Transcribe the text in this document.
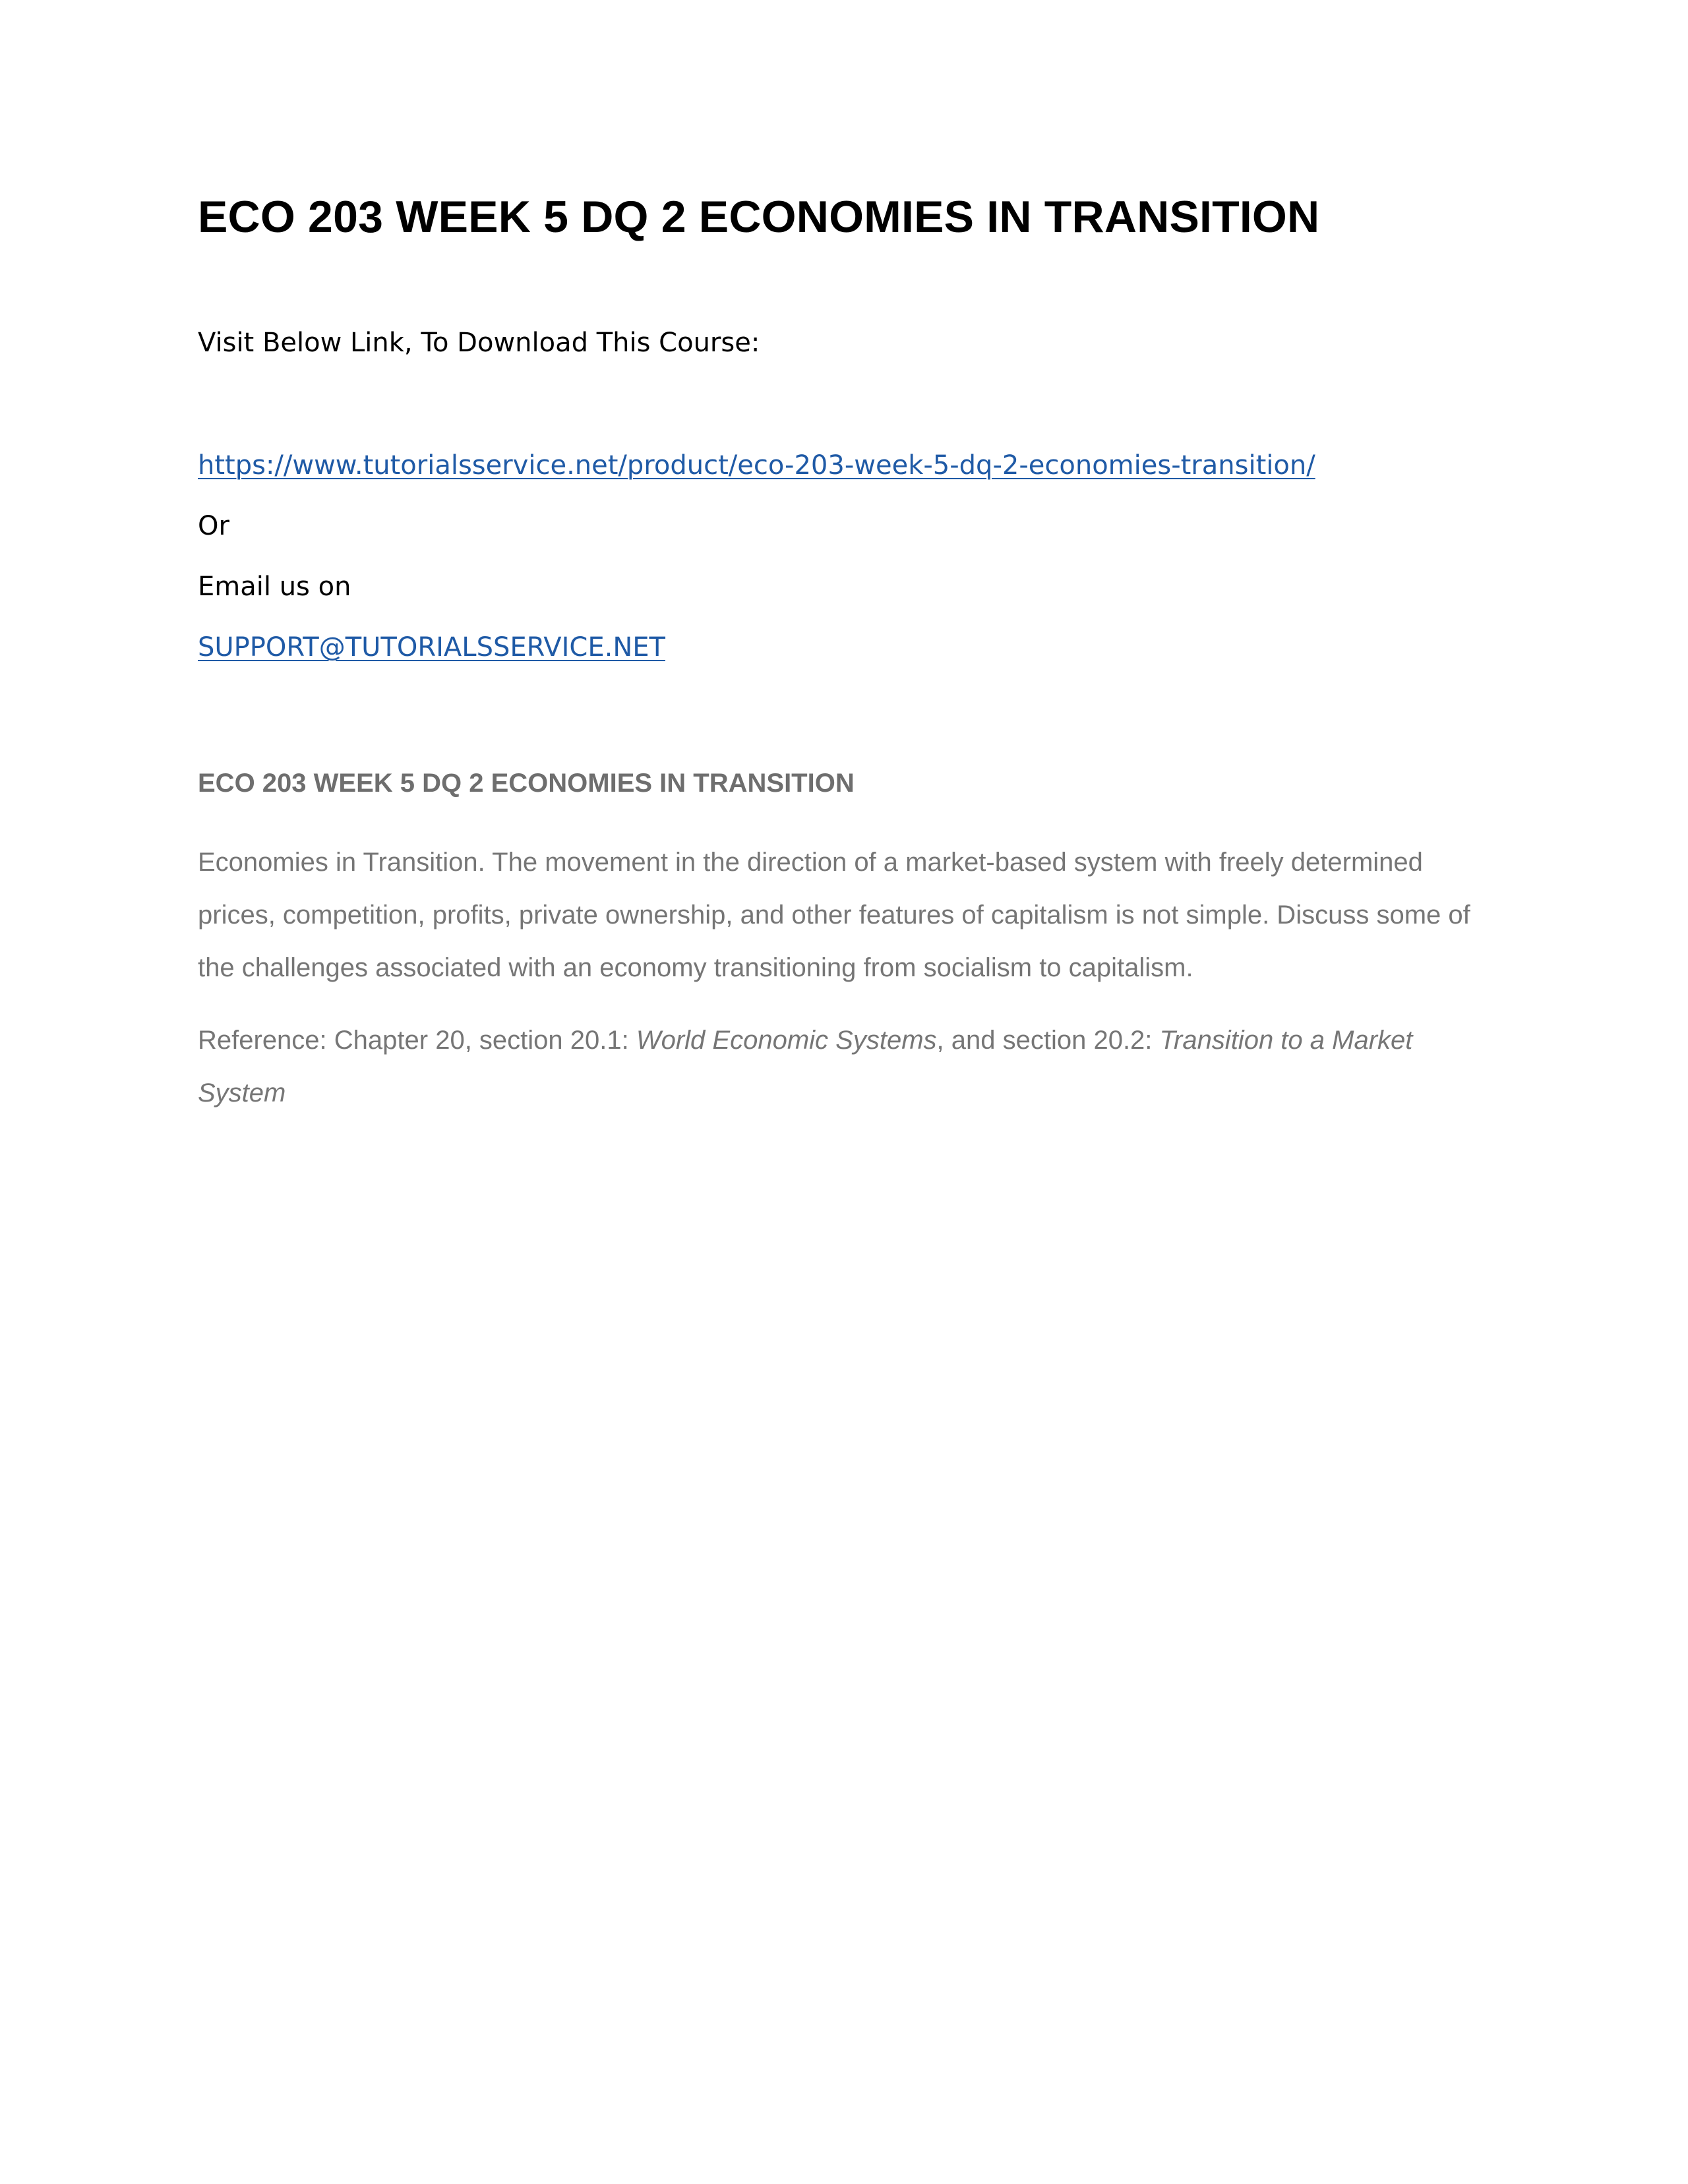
ECO 203 WEEK 5 DQ 2 ECONOMIES IN TRANSITION
Visit Below Link, To Download This Course:
https://www.tutorialsservice.net/product/eco-203-week-5-dq-2-economies-transition/
Or
Email us on
SUPPORT@TUTORIALSSERVICE.NET
ECO 203 WEEK 5 DQ 2 ECONOMIES IN TRANSITION

Economies in Transition. The movement in the direction of a market-based system with freely determined prices, competition, profits, private ownership, and other features of capitalism is not simple. Discuss some of the challenges associated with an economy transitioning from socialism to capitalism.

Reference: Chapter 20, section 20.1: World Economic Systems, and section 20.2: Transition to a Market System
